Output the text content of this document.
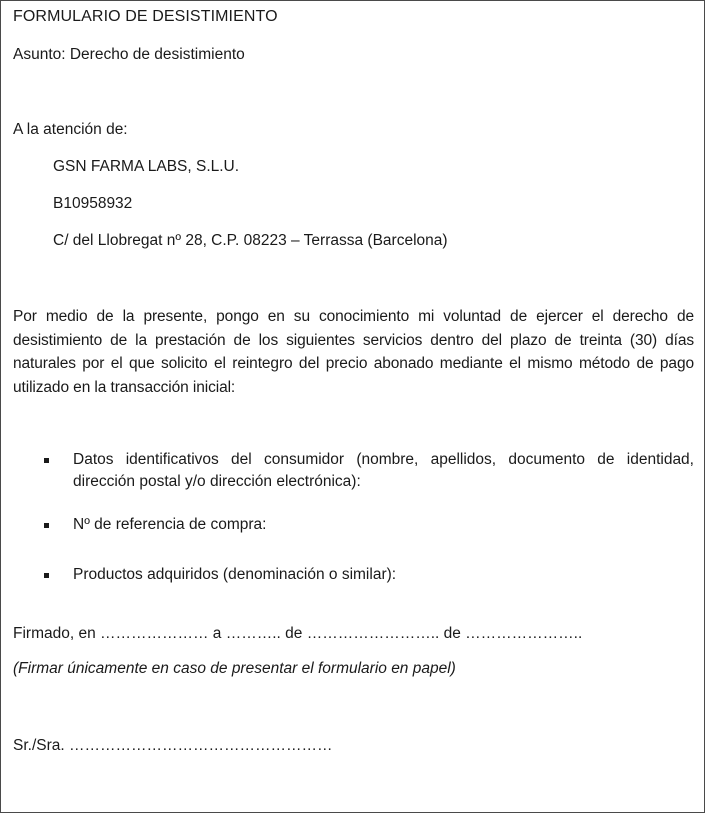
FORMULARIO DE DESISTIMIENTO
Asunto: Derecho de desistimiento
A la atención de:
GSN FARMA LABS, S.L.U.
B10958932
C/ del Llobregat nº 28, C.P. 08223 – Terrassa (Barcelona)
Por medio de la presente, pongo en su conocimiento mi voluntad de ejercer el derecho de desistimiento de la prestación de los siguientes servicios dentro del plazo de treinta (30) días naturales por el que solicito el reintegro del precio abonado mediante el mismo método de pago utilizado en la transacción inicial:
Datos identificativos del consumidor (nombre, apellidos, documento de identidad, dirección postal y/o dirección electrónica):
Nº de referencia de compra:
Productos adquiridos (denominación o similar):
Firmado, en ………………… a ……….. de …………………….. de …………………..
(Firmar únicamente en caso de presentar el formulario en papel)
Sr./Sra. ……………………………………………
